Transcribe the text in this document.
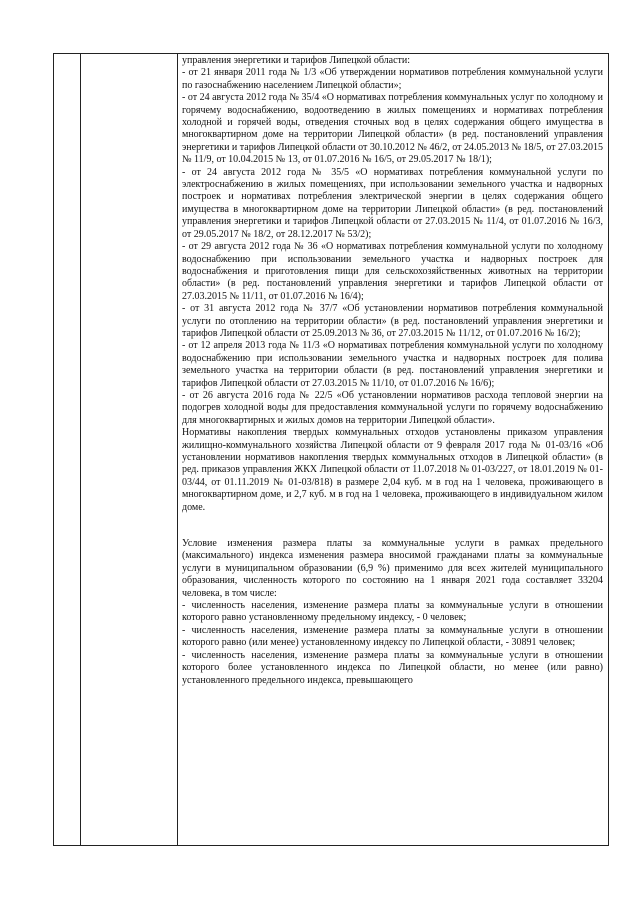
управления энергетики и тарифов Липецкой области:

- от 21 января 2011 года № 1/3 «Об утверждении нормативов потребления коммунальной услуги по газоснабжению населением Липецкой области»;

- от 24 августа 2012 года № 35/4 «О нормативах потребления коммунальных услуг по холодному и горячему водоснабжению, водоотведению в жилых помещениях и нормативах потребления холодной и горячей воды, отведения сточных вод в целях содержания общего имущества в многоквартирном доме на территории Липецкой области» (в ред. постановлений управления энергетики и тарифов Липецкой области от 30.10.2012 № 46/2, от 24.05.2013 № 18/5, от 27.03.2015 № 11/9, от 10.04.2015 № 13, от 01.07.2016 № 16/5, от 29.05.2017 № 18/1);

- от 24 августа 2012 года № 35/5 «О нормативах потребления коммунальной услуги по электроснабжению в жилых помещениях, при использовании земельного участка и надворных построек и нормативах потребления электрической энергии в целях содержания общего имущества в многоквартирном доме на территории Липецкой области» (в ред. постановлений управления энергетики и тарифов Липецкой области от 27.03.2015 № 11/4, от 01.07.2016 № 16/3, от 29.05.2017 № 18/2, от 28.12.2017 № 53/2);

- от 29 августа 2012 года № 36 «О нормативах потребления коммунальной услуги по холодному водоснабжению при использовании земельного участка и надворных построек для водоснабжения и приготовления пищи для сельскохозяйственных животных на территории области» (в ред. постановлений управления энергетики и тарифов Липецкой области от 27.03.2015 № 11/11, от 01.07.2016 № 16/4);

- от 31 августа 2012 года № 37/7 «Об установлении нормативов потребления коммунальной услуги по отоплению на территории области» (в ред. постановлений управления энергетики и тарифов Липецкой области от 25.09.2013 № 36, от 27.03.2015 № 11/12, от 01.07.2016 № 16/2);

- от 12 апреля 2013 года № 11/3 «О нормативах потребления коммунальной услуги по холодному водоснабжению при использовании земельного участка и надворных построек для полива земельного участка на территории области (в ред. постановлений управления энергетики и тарифов Липецкой области от 27.03.2015 № 11/10, от 01.07.2016 № 16/6);

- от 26 августа 2016 года № 22/5 «Об установлении нормативов расхода тепловой энергии на подогрев холодной воды для предоставления коммунальной услуги по горячему водоснабжению для многоквартирных и жилых домов на территории Липецкой области».

Нормативы накопления твердых коммунальных отходов установлены приказом управления жилищно-коммунального хозяйства Липецкой области от 9 февраля 2017 года № 01-03/16 «Об установлении нормативов накопления твердых коммунальных отходов в Липецкой области» (в ред. приказов управления ЖКХ Липецкой области от 11.07.2018 № 01-03/227, от 18.01.2019 № 01-03/44, от 01.11.2019 № 01-03/818) в размере 2,04 куб. м в год на 1 человека, проживающего в многоквартирном доме, и 2,7 куб. м в год на 1 человека, проживающего в индивидуальном жилом доме.

Условие изменения размера платы за коммунальные услуги в рамках предельного (максимального) индекса изменения размера вносимой гражданами платы за коммунальные услуги в муниципальном образовании (6,9 %) применимо для всех жителей муниципального образования, численность которого по состоянию на 1 января 2021 года составляет 33204 человека, в том числе:

- численность населения, изменение размера платы за коммунальные услуги в отношении которого равно установленному предельному индексу, - 0 человек;

- численность населения, изменение размера платы за коммунальные услуги в отношении которого равно (или менее) установленному индексу по Липецкой области, - 30891 человек;

- численность населения, изменение размера платы за коммунальные услуги в отношении которого более установленного индекса по Липецкой области, но менее (или равно) установленного предельного индекса, превышающего
